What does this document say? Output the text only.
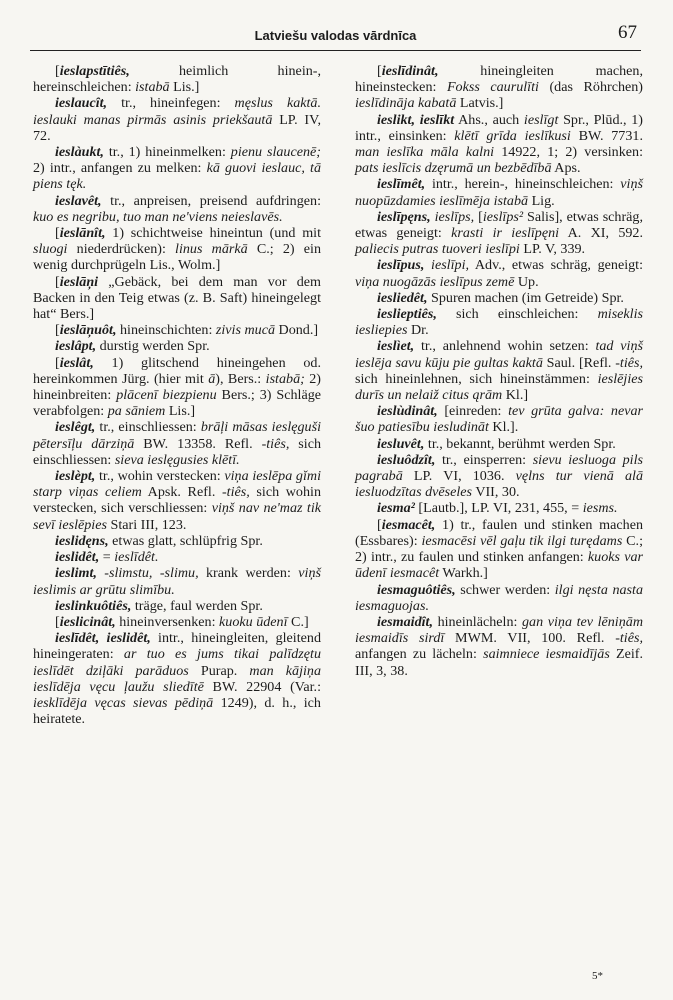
Latviešu valodas vārdnīca	67

[ieslapstītiês, heimlich hinein-, hereinschleichen: istabā Lis.]

ieslaucît, tr., hineinfegen: męslus kaktā. ieslauki manas pirmās asinis priekšautā LP. IV, 72.

ieslàukt, tr., 1) hineinmelken: pienu slaucenē; 2) intr., anfangen zu melken: kā guovi ieslauc, tā piens tęk.

ieslavêt, tr., anpreisen, preisend aufdringen: kuo es negribu, tuo man ne'viens neieslavēs.

[ieslānît, 1) schichtweise hineintun (und mit sluogi niederdrücken): linus mārkā C.; 2) ein wenig durchprügeln Lis., Wolm.]

[ieslāņi „Gebäck, bei dem man vor dem Backen in den Teig etwas (z. B. Saft) hineingelegt hat“ Bers.]

[ieslāņuôt, hineinschichten: zivis mucā Dond.]

ieslâpt, durstig werden Spr.

[ieslât, 1) glitschend hineingehen od. hereinkommen Jürg. (hier mit ā), Bers.: istabā; 2) hineinbreiten: plācenī biezpienu Bers.; 3) Schläge verabfolgen: pa sāniem Lis.]

ieslêgt, tr., einschliessen: brāļi māsas ieslęguši pētersīļu dārziņā BW. 13358. Refl. -tiês, sich einschliessen: sieva ieslęgusies klētī.

ieslèpt, tr., wohin verstecken: viņa ieslēpa gǐmi starp viņas celiem Apsk. Refl. -tiês, sich wohin verstecken, sich verschliessen: viņš nav ne'maz tik sevī ieslēpies Stari III, 123.

ieslidęns, etwas glatt, schlüpfrig Spr.

ieslidêt, = ieslīdêt.

ieslimt, -slimstu, -slimu, krank werden: viņš ieslimis ar grūtu slimību.

ieslinkuôtiês, träge, faul werden Spr.

[ieslicinât, hineinversenken: kuoku ūdenī C.]

ieslīdêt, ieslidêt, intr., hineingleiten, gleitend hineingeraten: ar tuo es jums tikai palīdzętu ieslīdēt dziļāki parāduos Purap. man kājiņa ieslīdēja vęcu ļaužu sliedītē BW. 22904 (Var.: iesklīdēja vęcas sievas pēdiņā 1249), d. h., ich heiratete.

[ieslīdinât, hineingleiten machen, hineinstecken: Fokss caurulīti (das Röhrchen) ieslīdināja kabatā Latvis.]

ieslikt, ieslīkt Ahs., auch ieslīgt Spr., Plūd., 1) intr., einsinken: klētī grīda ieslīkusi BW. 7731. man ieslīka māla kalni 14922, 1; 2) versinken: pats ieslīcis dzęrumā un bezbēdībā Aps.

ieslīmêt, intr., herein-, hineinschleichen: viņš nuopūzdamies ieslīmēja istabā Lig.

ieslīpęns, ieslīps, [ieslīps² Salis], etwas schräg, etwas geneigt: krasti ir ieslīpęni A. XI, 592. paliecis putras tuoveri ieslīpi LP. V, 339.

ieslīpus, ieslīpi, Adv., etwas schräg, geneigt: viņa nuogāzās ieslīpus zemē Up.

iesliedêt, Spuren machen (im Getreide) Spr.

ieslieptiês, sich einschleichen: miseklis iesliepies Dr.

ieslìet, tr., anlehnend wohin setzen: tad viņš ieslēja savu kūju pie gultas kaktā Saul. [Refl. -tiês, sich hineinlehnen, sich hineinstämmen: ieslējies durīs un nelaiž citus ąrām Kl.]

ieslùdinât, [einreden: tev grūta galva: nevar šuo patiesību iesludināt Kl.].

iesluvêt, tr., bekannt, berühmt werden Spr.

iesluôdzît, tr., einsperren: sievu iesluoga pils pagrabā LP. VI, 1036. vęlns tur vienā alā iesluodzītas dvēseles VII, 30.

iesma² [Lautb.], LP. VI, 231, 455, = iesms.

[iesmacêt, 1) tr., faulen und stinken machen (Essbares): iesmacēsi vēl gaļu tik ilgi turędams C.; 2) intr., zu faulen und stinken anfangen: kuoks var ūdenī iesmacêt Warkh.]

iesmaguôtiês, schwer werden: ilgi nęsta nasta iesmaguojas.

iesmaidît, hineinlächeln: gan viņa tev lēniņām iesmaidīs sirdī MWM. VII, 100. Refl. -tiês, anfangen zu lächeln: saimniece iesmaidījās Zeif. III, 3, 38.

5*
